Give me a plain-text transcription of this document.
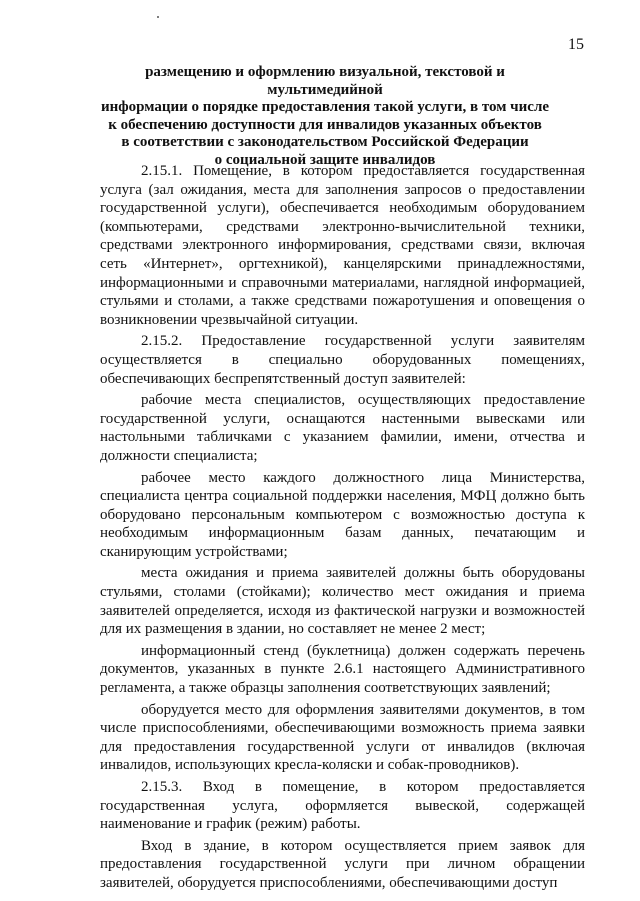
15
размещению и оформлению визуальной, текстовой и мультимедийной
информации о порядке предоставления такой услуги, в том числе
к обеспечению доступности для инвалидов указанных объектов
в соответствии с законодательством Российской Федерации
о социальной защите инвалидов

2.15.1. Помещение, в котором предоставляется государственная услуга (зал ожидания, места для заполнения запросов о предоставлении государственной услуги), обеспечивается необходимым оборудованием (компьютерами, средствами электронно-вычислительной техники, средствами электронного информирования, средствами связи, включая сеть «Интернет», оргтехникой), канцелярскими принадлежностями, информационными и справочными материалами, наглядной информацией, стульями и столами, а также средствами пожаротушения и оповещения о возникновении чрезвычайной ситуации.

2.15.2. Предоставление государственной услуги заявителям осуществляется в специально оборудованных помещениях, обеспечивающих беспрепятственный доступ заявителей:

рабочие места специалистов, осуществляющих предоставление государственной услуги, оснащаются настенными вывесками или настольными табличками с указанием фамилии, имени, отчества и должности специалиста;

рабочее место каждого должностного лица Министерства, специалиста центра социальной поддержки населения, МФЦ должно быть оборудовано персональным компьютером с возможностью доступа к необходимым информационным базам данных, печатающим и сканирующим устройствами;

места ожидания и приема заявителей должны быть оборудованы стульями, столами (стойками); количество мест ожидания и приема заявителей определяется, исходя из фактической нагрузки и возможностей для их размещения в здании, но составляет не менее 2 мест;

информационный стенд (буклетница) должен содержать перечень документов, указанных в пункте 2.6.1 настоящего Административного регламента, а также образцы заполнения соответствующих заявлений;

оборудуется место для оформления заявителями документов, в том числе приспособлениями, обеспечивающими возможность приема заявки для предоставления государственной услуги от инвалидов (включая инвалидов, использующих кресла-коляски и собак-проводников).

2.15.3. Вход в помещение, в котором предоставляется государственная услуга, оформляется вывеской, содержащей наименование и график (режим) работы.

Вход в здание, в котором осуществляется прием заявок для предоставления государственной услуги при личном обращении заявителей, оборудуется приспособлениями, обеспечивающими доступ
